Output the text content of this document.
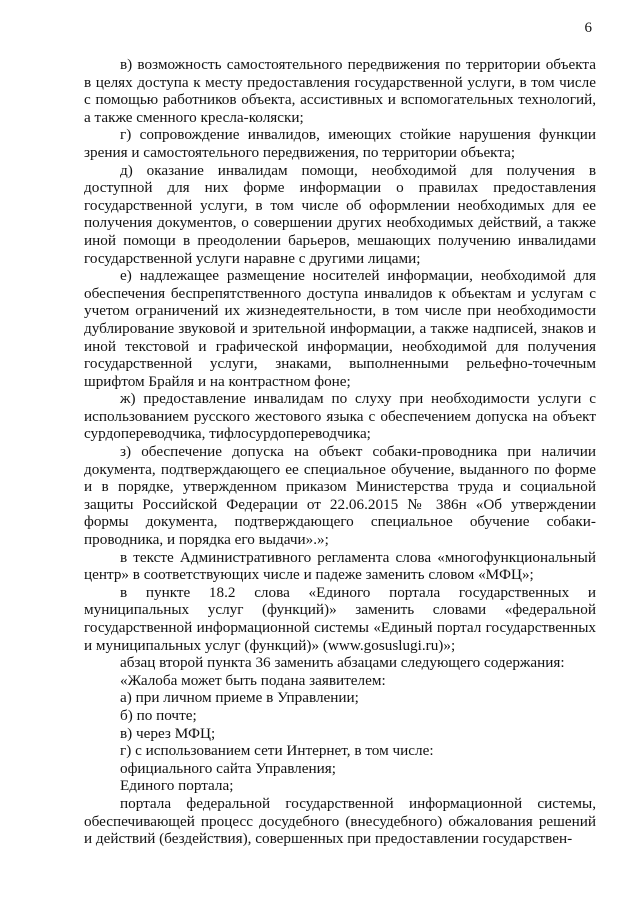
6

в) возможность самостоятельного передвижения по территории объекта в целях доступа к месту предоставления государственной услуги, в том числе с помощью работников объекта, ассистивных и вспомогательных технологий, а также сменного кресла-коляски;

г) сопровождение инвалидов, имеющих стойкие нарушения функции зрения и самостоятельного передвижения, по территории объекта;

д) оказание инвалидам помощи, необходимой для получения в доступной для них форме информации о правилах предоставления государственной услуги, в том числе об оформлении необходимых для ее получения документов, о совершении других необходимых действий, а также иной помощи в преодолении барьеров, мешающих получению инвалидами государственной услуги наравне с другими лицами;

е) надлежащее размещение носителей информации, необходимой для обеспечения беспрепятственного доступа инвалидов к объектам и услугам с учетом ограничений их жизнедеятельности, в том числе при необходимости дублирование звуковой и зрительной информации, а также надписей, знаков и иной текстовой и графической информации, необходимой для получения государственной услуги, знаками, выполненными рельефно-точечным шрифтом Брайля и на контрастном фоне;

ж) предоставление инвалидам по слуху при необходимости услуги с использованием русского жестового языка с обеспечением допуска на объект сурдопереводчика, тифлосурдопереводчика;

з) обеспечение допуска на объект собаки-проводника при наличии документа, подтверждающего ее специальное обучение, выданного по форме и в порядке, утвержденном приказом Министерства труда и социальной защиты Российской Федерации от 22.06.2015 № 386н «Об утверждении формы документа, подтверждающего специальное обучение собаки-проводника, и порядка его выдачи».»;

в тексте Административного регламента слова «многофункциональный центр» в соответствующих числе и падеже заменить словом «МФЦ»;

в пункте 18.2 слова «Единого портала государственных и муниципальных услуг (функций)» заменить словами «федеральной государственной информационной системы «Единый портал государственных и муниципальных услуг (функций)» (www.gosuslugi.ru)»;

абзац второй пункта 36 заменить абзацами следующего содержания:

«Жалоба может быть подана заявителем:

а) при личном приеме в Управлении;

б) по почте;

в) через МФЦ;

г) с использованием сети Интернет, в том числе:

официального сайта Управления;

Единого портала;

портала федеральной государственной информационной системы, обеспечивающей процесс досудебного (внесудебного) обжалования решений и действий (бездействия), совершенных при предоставлении государствен-
